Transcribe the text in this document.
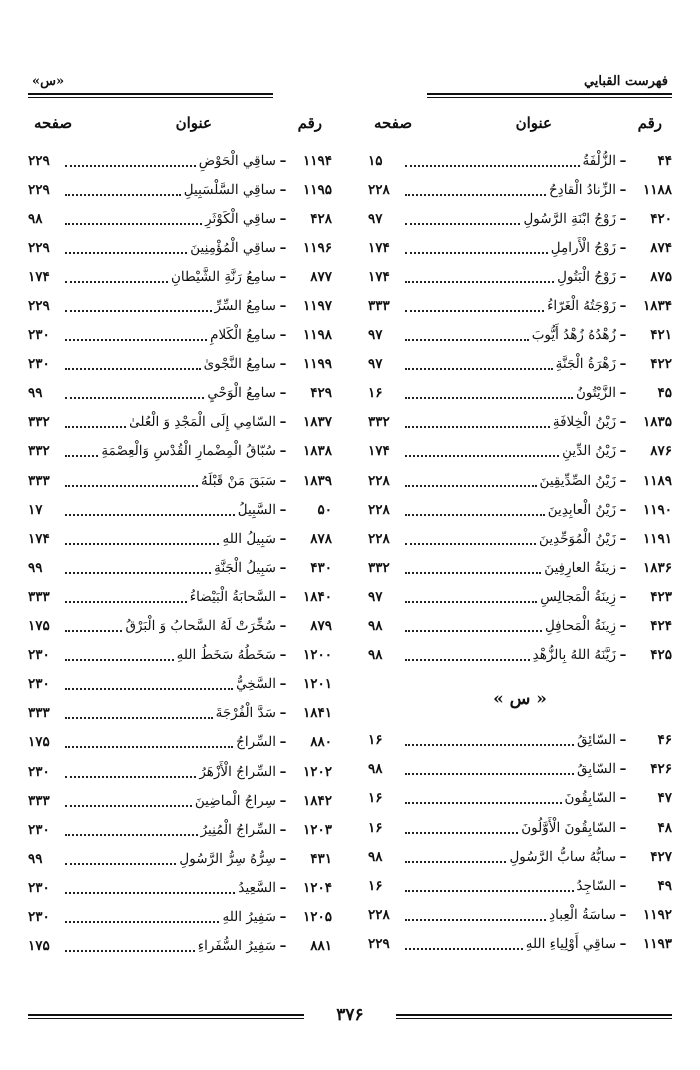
فهرست القبايي
«س»
رقم
عنوان
صفحه
۴۴
–
الزُّلْفَةُ
۱۵
۱۱۸۸
–
الزِّنادُ الْقادِحُ
۲۲۸
۴۲۰
–
زَوْجُ ابْنَةِ الرَّسُولِ
۹۷
۸۷۴
–
زَوْجُ الْأَرامِلِ
۱۷۴
۸۷۵
–
زَوْجُ الْبَتُولِ
۱۷۴
۱۸۳۴
–
زَوْجَتُهُ الْغَرّاءُ
۳۳۳
۴۲۱
–
زُهْدُهُ زُهْدُ أَيُّوبَ
۹۷
۴۲۲
–
زَهْرَةُ الْجَنَّةِ
۹۷
۴۵
–
الزَّيْتُونُ
۱۶
۱۸۳۵
–
زَيْنُ الْخِلافَةِ
۳۳۲
۸۷۶
–
زَيْنُ الدِّينِ
۱۷۴
۱۱۸۹
–
زَيْنُ الصِّدِّيقِينَ
۲۲۸
۱۱۹۰
–
زَيْنُ الْعابِدِينَ
۲۲۸
۱۱۹۱
–
زَيْنُ الْمُوَحِّدِينَ
۲۲۸
۱۸۳۶
–
زينَةُ العارِفِينَ
۳۳۲
۴۲۳
–
زِينَةُ الْمَجالِسِ
۹۷
۴۲۴
–
زِينَةُ الْمَحافِلِ
۹۸
۴۲۵
–
زَيَّنَهُ اللهُ بِالزُّهْدِ
۹۸
« س »
۴۶
–
السّائِقُ
۱۶
۴۲۶
–
السّابِقُ
۹۸
۴۷
–
السّابِقُونَ
۱۶
۴۸
–
السّابِقُونَ الْأَوَّلُونَ
۱۶
۴۲۷
–
سابُّهُ سابُّ الرَّسُولِ
۹۸
۴۹
–
السّاجِدُ
۱۶
۱۱۹۲
–
ساسَةُ الْعِبادِ
۲۲۸
۱۱۹۳
–
ساقِي أَوْلِياءِ اللهِ
۲۲۹
رقم
عنوان
صفحه
۱۱۹۴
–
ساقِي الْحَوْضِ
۲۲۹
۱۱۹۵
–
ساقِي السَّلْسَبِيلِ
۲۲۹
۴۲۸
–
ساقِي الْكَوْثَرِ
۹۸
۱۱۹۶
–
ساقِي الْمُؤْمِنِينَ
۲۲۹
۸۷۷
–
سامِعُ رَنَّةِ الشَّيْطانِ
۱۷۴
۱۱۹۷
–
سامِعُ السِّرِّ
۲۲۹
۱۱۹۸
–
سامِعُ الْكَلامِ
۲۳۰
۱۱۹۹
–
سامِعُ النَّجْوىٰ
۲۳۰
۴۲۹
–
سامِعُ الْوَحْيِ
۹۹
۱۸۳۷
–
السّامِي إِلَى الْمَجْدِ وَ الْعُلىٰ
۳۳۲
۱۸۳۸
–
سُبّاقُ الْمِضْمارِ الْقُدْسِ وَالْعِصْمَةِ
۳۳۲
۱۸۳۹
–
سَبَقَ مَنْ قَبْلَهُ
۳۳۳
۵۰
–
السَّبِيلُ
۱۷
۸۷۸
–
سَبِيلُ اللهِ
۱۷۴
۴۳۰
–
سَبِيلُ الْجَنَّةِ
۹۹
۱۸۴۰
–
السَّحابَةُ الْبَيْضاءُ
۳۳۳
۸۷۹
–
سُخِّرَتْ لَهُ السَّحابُ وَ الْبَرْقُ
۱۷۵
۱۲۰۰
–
سَخَطُهُ سَخَطُ اللهِ
۲۳۰
۱۲۰۱
–
السَّخِيُّ
۲۳۰
۱۸۴۱
–
سَدَّ الْفُرْجَةَ
۳۳۳
۸۸۰
–
السِّراجُ
۱۷۵
۱۲۰۲
–
السِّراجُ الْأَزْهَرُ
۲۳۰
۱۸۴۲
–
سِراجُ الْماضِينَ
۳۳۳
۱۲۰۳
–
السِّراجُ الْمُنِيرُ
۲۳۰
۴۳۱
–
سِرُّهُ سِرُّ الرَّسُولِ
۹۹
۱۲۰۴
–
السَّعِيدُ
۲۳۰
۱۲۰۵
–
سَفِيرُ اللهِ
۲۳۰
۸۸۱
–
سَفِيرُ السُّفَراءِ
۱۷۵
۳۷۶
